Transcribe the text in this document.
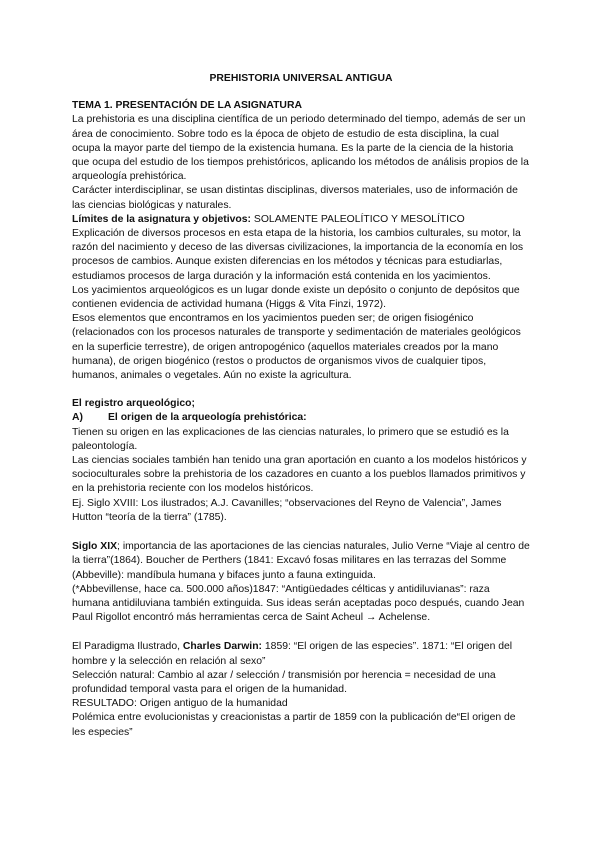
PREHISTORIA UNIVERSAL ANTIGUA

TEMA 1. PRESENTACIÓN DE LA ASIGNATURA

La prehistoria es una disciplina científica de un periodo determinado del tiempo, además de ser un área de conocimiento. Sobre todo es la época de objeto de estudio de esta disciplina, la cual ocupa la mayor parte del tiempo de la existencia humana. Es la parte de la ciencia de la historia que ocupa del estudio de los tiempos prehistóricos, aplicando los métodos de análisis propios de la arqueología prehistórica.

Carácter interdisciplinar, se usan distintas disciplinas, diversos materiales, uso de información de las ciencias biológicas y naturales.

Límites de la asignatura y objetivos: SOLAMENTE PALEOLÍTICO Y MESOLÍTICO

Explicación de diversos procesos en esta etapa de la historia, los cambios culturales, su motor, la razón del nacimiento y deceso de las diversas civilizaciones, la importancia de la economía en los procesos de cambios. Aunque existen diferencias en los métodos y técnicas para estudiarlas, estudiamos procesos de larga duración y la información está contenida en los yacimientos.

Los yacimientos arqueológicos es un lugar donde existe un depósito o conjunto de depósitos que contienen evidencia de actividad humana (Higgs & Vita Finzi, 1972).

Esos elementos que encontramos en los yacimientos pueden ser; de origen fisiogénico (relacionados con los procesos naturales de transporte y sedimentación de materiales geológicos en la superficie terrestre), de origen antropogénico (aquellos materiales creados por la mano humana), de origen biogénico (restos o productos de organismos vivos de cualquier tipos, humanos, animales o vegetales. Aún no existe la agricultura.

El registro arqueológico;

A)	El origen de la arqueología prehistórica:

Tienen su origen en las explicaciones de las ciencias naturales, lo primero que se estudió es la paleontología.

Las ciencias sociales también han tenido una gran aportación en cuanto a los modelos históricos y socioculturales sobre la prehistoria de los cazadores en cuanto a los pueblos llamados primitivos y en la prehistoria reciente con los modelos históricos.

Ej. Siglo XVIII: Los ilustrados; A.J. Cavanilles; “observaciones del Reyno de Valencia”, James Hutton “teoría de la tierra” (1785).

Siglo XIX; importancia de las aportaciones de las ciencias naturales, Julio Verne “Viaje al centro de la tierra”(1864). Boucher de Perthers (1841: Excavó fosas militares en las terrazas del Somme (Abbeville): mandíbula humana y bifaces junto a fauna extinguida.

(*Abbevillense, hace ca. 500.000 años)1847: “Antigüedades célticas y antidiluvianas”: raza humana antidiluviana también extinguida. Sus ideas serán aceptadas poco después, cuando Jean Paul Rigollot encontró más herramientas cerca de Saint Acheul → Achelense.

El Paradigma Ilustrado, Charles Darwin: 1859: “El origen de las especies”. 1871: “El origen del hombre y la selección en relación al sexo”

Selección natural: Cambio al azar / selección / transmisión por herencia = necesidad de una profundidad temporal vasta para el origen de la humanidad.

RESULTADO: Origen antiguo de la humanidad

Polémica entre evolucionistas y creacionistas a partir de 1859 con la publicación de“El origen de les especies”
